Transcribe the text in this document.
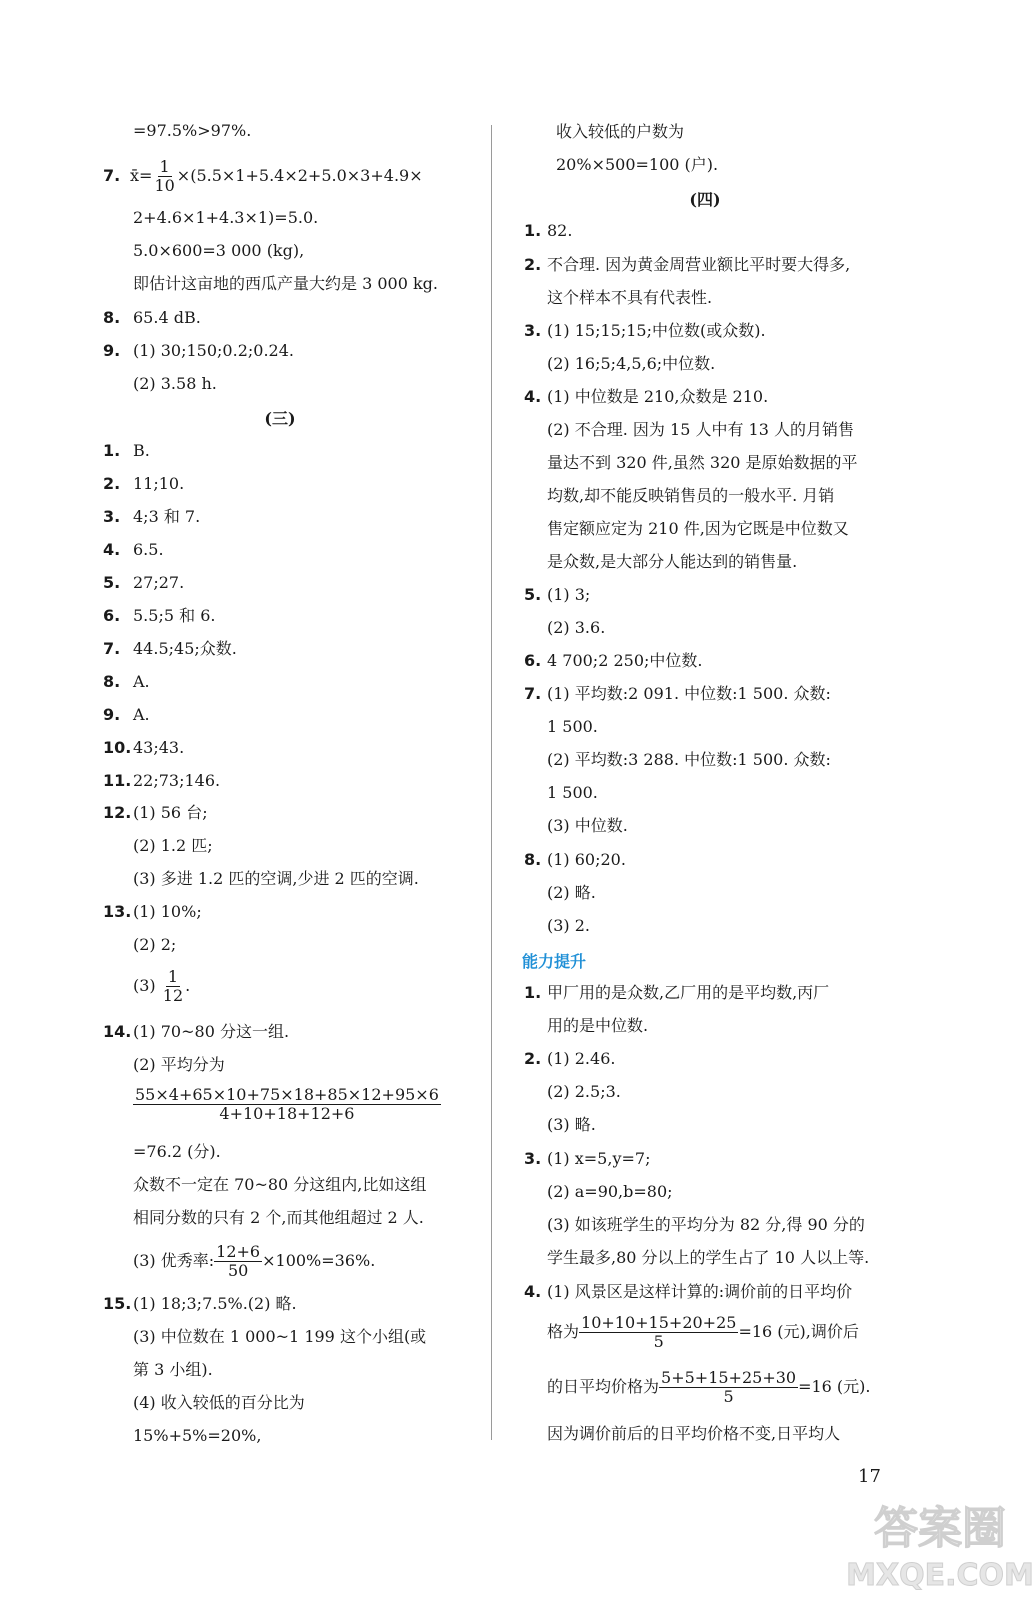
=97.5%>97%.
7. x̄= $\frac{1}{10} \times(5.5\times 1+5.4\times 2+5.0\times 3+4.9\times$
2+4.6×1+4.3×1)=5.0.
5.0×600=3 000 (kg),
即估计这亩地的西瓜产量大约是 3 000 kg.
8. 65.4 dB.
9. (1) 30;150;0.2;0.24.
(2) 3.58 h.
(三)
1. B.
2. 11;10.
3. 4;3 和 7.
4. 6.5.
5. 27;27.
6. 5.5;5 和 6.
7. 44.5;45;众数.
8. A.
9. A.
10. 43;43.
11. 22;73;146.
12. (1) 56 台;
(2) 1.2 匹;
(3) 多进 1.2 匹的空调,少进 2 匹的空调.
13. (1) 10%;
(2) 2;
$(3) \frac{1}{12}$ .
14. (1) 70~80 分这一组.
(2) 平均分为
$\frac{55\times 4+65\times 10+75\times 18+85\times 12+95\times 6}{4+10+18+12+6}$
=76.2 (分).
众数不一定在 70~80 分这组内,比如这组
相同分数的只有 2 个,而其他组超过 2 人.
(3) 优秀率: $\frac{12+6}{50} \times 100\%=36\%$.
15. (1) 18;3;7.5%.(2) 略.
(3) 中位数在 1 000~1 199 这个小组(或
第 3 小组).
(4) 收入较低的百分比为
15%+5%=20%,
收入较低的户数为
20%×500=100 (户).
(四)
1. 82.
2. 不合理. 因为黄金周营业额比平时要大得多,
这个样本不具有代表性.
3. (1) 15;15;15;中位数(或众数).
(2) 16;5;4,5,6;中位数.
4. (1) 中位数是 210,众数是 210.
(2) 不合理. 因为 15 人中有 13 人的月销售
量达不到 320 件,虽然 320 是原始数据的平
均数,却不能反映销售员的一般水平. 月销
售定额应定为 210 件,因为它既是中位数又
是众数,是大部分人能达到的销售量.
5. (1) 3;
(2) 3.6.
6. 4 700;2 250;中位数.
7. (1) 平均数:2 091. 中位数:1 500. 众数:
1 500.
(2) 平均数:3 288. 中位数:1 500. 众数:
1 500.
(3) 中位数.
8. (1) 60;20.
(2) 略.
(3) 2.
能力提升
1. 甲厂用的是众数,乙厂用的是平均数,丙厂
用的是中位数.
2. (1) 2.46.
(2) 2.5;3.
(3) 略.
3. (1) x=5,y=7;
(2) a=90,b=80;
(3) 如该班学生的平均分为 82 分,得 90 分的
学生最多,80 分以上的学生占了 10 人以上等.
4. (1) 风景区是这样计算的:调价前的日平均价
格为 $\frac{10+10+15+20+25}{5} =16$ (元),调价后
的日平均价格为 $\frac{5+5+15+25+30}{5} =16$ (元).
因为调价前后的日平均价格不变,日平均人
17
答案圈
MXQE.COM
